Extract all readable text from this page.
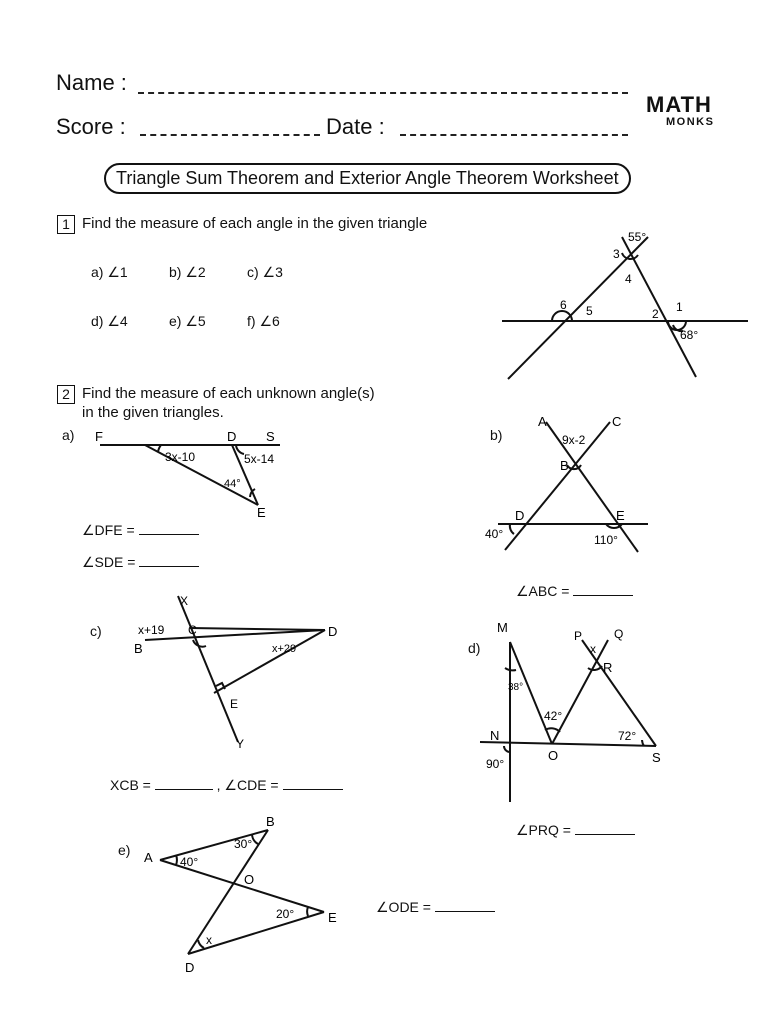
Name :
Score :	Date :
MATH
MONKS
Triangle Sum Theorem and Exterior Angle Theorem Worksheet
1 Find the measure of each angle in the given triangle
a) ∠1	b) ∠2	c) ∠3
d) ∠4	e) ∠5	f) ∠6
55°
68°
1
2
3
4
5
6
2 Find the measure of each unknown angle(s)
in the given triangles.
a) F	D S
E
3x-10	5x-14
44°
∠DFE =
∠SDE =
b)
A	C
B
D	E
9x-2
40°	110°
∠ABC =
c)
X
C
B
D
E
Y
x+19
x+29
XCB =	, ∠CDE =
d)
M
P	Q
R
N
O	S
x
38°
42°
72°
90°
∠PRQ =
e) A
B
O
E
D
40°
30°
20°
x
∠ODE =
